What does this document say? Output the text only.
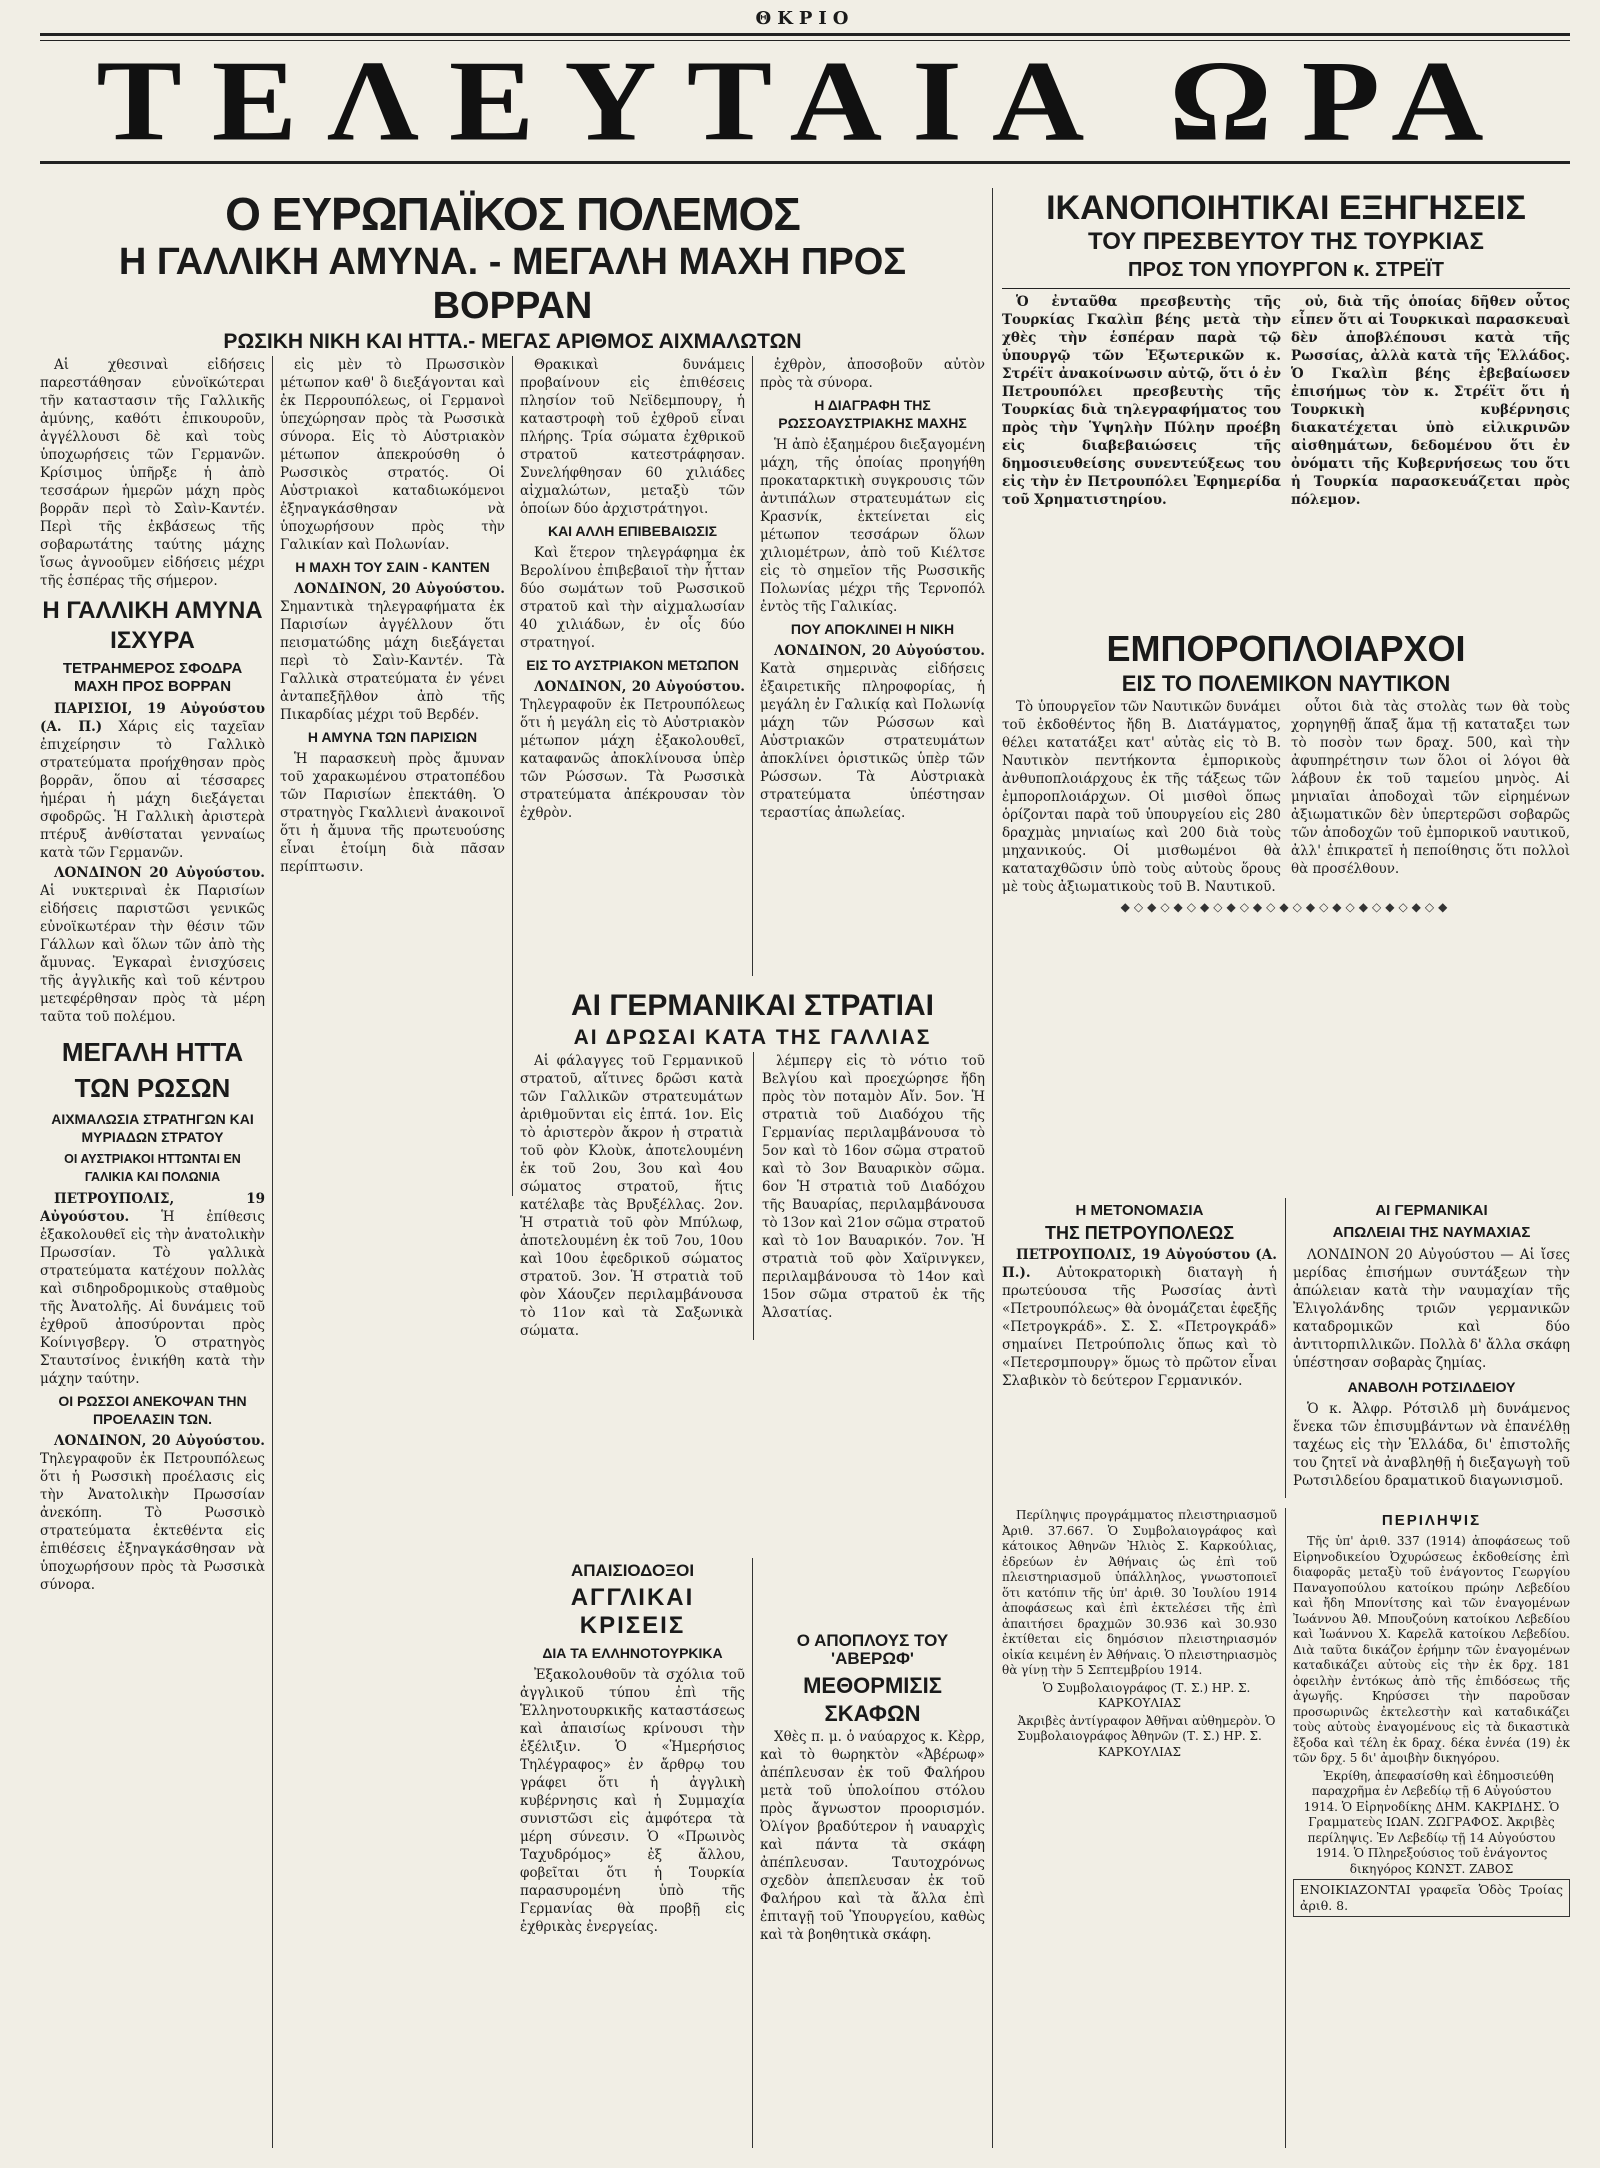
ΘΚΡΙΟ
ΤΕΛΕΥΤΑΙΑ ΩΡΑ
Ο ΕΥΡΩΠΑΪΚΟΣ ΠΟΛΕΜΟΣ
Η ΓΑΛΛΙΚΗ ΑΜΥΝΑ. - ΜΕΓΑΛΗ ΜΑΧΗ ΠΡΟΣ ΒΟΡΡΑΝ
ΡΩΣΙΚΗ ΝΙΚΗ ΚΑΙ ΗΤΤΑ.- ΜΕΓΑΣ ΑΡΙΘΜΟΣ ΑΙΧΜΑΛΩΤΩΝ

Αἱ χθεσιναὶ εἰδήσεις παρεστάθησαν εὐνοϊκώτεραι τῆν καταστασιν τῆς Γαλλικῆς ἀμύνης, καθότι ἐπικουροῦν, ἀγγέλλουσι δὲ καὶ τοὺς ὑποχωρήσεις τῶν Γερμανῶν. Κρίσιμος ὑπῆρξε ἡ ἀπὸ τεσσάρων ἡμερῶν μάχη πρὸς βορρᾶν περὶ τὸ Σαὶν-Καντέν. Περὶ τῆς ἐκβάσεως τῆς σοβαρωτάτης ταύτης μάχης ἴσως ἀγνοοῦμεν εἰδήσεις μέχρι τῆς ἑσπέρας τῆς σήμερον.

Η ΓΑΛΛΙΚΗ ΑΜΥΝΑ ΙΣΧΥΡΑ
ΤΕΤΡΑΗΜΕΡΟΣ ΣΦΟΔΡΑ ΜΑΧΗ ΠΡΟΣ ΒΟΡΡΑΝ

ΠΑΡΙΣΙΟΙ, 19 Αὐγούστου (Α. Π.) Χάρις εἰς ταχεῖαν ἐπιχείρησιν τὸ Γαλλικὸ στρατεύματα προήχθησαν πρὸς βορρᾶν, ὅπου αἱ τέσσαρες ἡμέραι ἡ μάχη διεξάγεται σφοδρῶς. Ἡ Γαλλικὴ ἀριστερὰ πτέρυξ ἀνθίσταται γενναίως κατὰ τῶν Γερμανῶν.

ΛΟΝΔΙΝΟΝ 20 Αὐγούστου. Αἱ νυκτεριναὶ ἐκ Παρισίων εἰδήσεις παριστῶσι γενικῶς εὐνοϊκωτέραν τὴν θέσιν τῶν Γάλλων καὶ ὅλων τῶν ἀπὸ τὴς ἄμυνας. Ἐγκαραὶ ἐνισχύσεις τῆς ἀγγλικῆς καὶ τοῦ κέντρου μετεφέρθησαν πρὸς τὰ μέρη ταῦτα τοῦ πολέμου.

ΜΕΓΑΛΗ ΗΤΤΑ ΤΩΝ ΡΩΣΩΝ
ΑΙΧΜΑΛΩΣΙΑ ΣΤΡΑΤΗΓΩΝ ΚΑΙ ΜΥΡΙΑΔΩΝ ΣΤΡΑΤΟΥ
ΟΙ ΑΥΣΤΡΙΑΚΟΙ ΗΤΤΩΝΤΑΙ ΕΝ ΓΑΛΙΚΙΑ ΚΑΙ ΠΟΛΩΝΙΑ

ΠΕΤΡΟΥΠΟΛΙΣ, 19 Αὐγούστου. Ἡ ἐπίθεσις ἐξακολουθεῖ εἰς τὴν ἀνατολικὴν Πρωσσίαν. Τὸ γαλλικὰ στρατεύματα κατέχουν πολλὰς καὶ σιδηροδρομικοὺς σταθμοὺς τῆς Ἀνατολῆς. Αἱ δυνάμεις τοῦ ἐχθροῦ ἀποσύρονται πρὸς Κοίνιγσβεργ. Ὁ στρατηγὸς Σταυτσίνος ἐνικήθη κατὰ τὴν μάχην ταύτην.

ΟΙ ΡΩΣΣΟΙ ΑΝΕΚΟΨΑΝ ΤΗΝ ΠΡΟΕΛΑΣΙΝ ΤΩΝ.

ΛΟΝΔΙΝΟΝ, 20 Αὐγούστου. Τηλεγραφοῦν ἐκ Πετρουπόλεως ὅτι ἡ Ρωσσικὴ προέλασις εἰς τὴν Ἀνατολικὴν Πρωσσίαν ἀνεκόπη. Τὸ Ρωσσικὸ στρατεύματα ἐκτεθέντα εἰς ἐπιθέσεις ἐξηναγκάσθησαν νὰ ὑποχωρήσουν πρὸς τὰ Ρωσσικὰ σύνορα.

εἰς μὲν τὸ Πρωσσικὸν μέτωπον καθ' ὃ διεξάγονται καὶ ἐκ Περρουπόλεως, οἱ Γερμανοὶ ὑπεχώρησαν πρὸς τὰ Ρωσσικὰ σύνορα. Εἰς τὸ Αὐστριακὸν μέτωπον ἀπεκρούσθη ὁ Ρωσσικὸς στρατός. Οἱ Αὐστριακοὶ καταδιωκόμενοι ἐξηναγκάσθησαν νὰ ὑποχωρήσουν πρὸς τὴν Γαλικίαν καὶ Πολωνίαν.

Η ΜΑΧΗ ΤΟΥ ΣΑΙΝ - ΚΑΝΤΕΝ

ΛΟΝΔΙΝΟΝ, 20 Αὐγούστου. Σημαντικὰ τηλεγραφήματα ἐκ Παρισίων ἀγγέλλουν ὅτι πεισματώδης μάχη διεξάγεται περὶ τὸ Σαὶν-Καντέν. Τὰ Γαλλικὰ στρατεύματα ἐν γένει ἀνταπεξῆλθον ἀπὸ τῆς Πικαρδίας μέχρι τοῦ Βερδέν.

Η ΑΜΥΝΑ ΤΩΝ ΠΑΡΙΣΙΩΝ

Ἡ παρασκευὴ πρὸς ἄμυναν τοῦ χαρακωμένου στρατοπέδου τῶν Παρισίων ἐπεκτάθη. Ὁ στρατηγὸς Γκαλλιενὶ ἀνακοινοῖ ὅτι ἡ ἄμυνα τῆς πρωτευούσης εἶναι ἐτοίμη διὰ πᾶσαν περίπτωσιν.

Θρακικαὶ δυνάμεις προβαίνουν εἰς ἐπιθέσεις πλησίον τοῦ Νεϊδεμπουργ, ἡ καταστροφὴ τοῦ ἐχθροῦ εἶναι πλήρης. Τρία σώματα ἐχθρικοῦ στρατοῦ κατεστράφησαν. Συνελήφθησαν 60 χιλιάδες αἰχμαλώτων, μεταξὺ τῶν ὁποίων δύο ἀρχιστράτηγοι.

ΚΑΙ ΑΛΛΗ ΕΠΙΒΕΒΑΙΩΣΙΣ

Καὶ ἕτερον τηλεγράφημα ἐκ Βερολίνου ἐπιβεβαιοῖ τὴν ἧτταν δύο σωμάτων τοῦ Ρωσσικοῦ στρατοῦ καὶ τὴν αἰχμαλωσίαν 40 χιλιάδων, ἐν οἷς δύο στρατηγοί.

ΕΙΣ ΤΟ ΑΥΣΤΡΙΑΚΟΝ ΜΕΤΩΠΟΝ

ΛΟΝΔΙΝΟΝ, 20 Αὐγούστου. Τηλεγραφοῦν ἐκ Πετρουπόλεως ὅτι ἡ μεγάλη εἰς τὸ Αὐστριακὸν μέτωπον μάχη ἐξακολουθεῖ, καταφανῶς ἀποκλίνουσα ὑπὲρ τῶν Ρώσσων. Τὰ Ρωσσικὰ στρατεύματα ἀπέκρουσαν τὸν ἐχθρὸν.

ἐχθρὸν, ἀποσοβοῦν αὐτὸν πρὸς τὰ σύνορα.

Η ΔΙΑΓΡΑΦΗ ΤΗΣ ΡΩΣΣΟΑΥΣΤΡΙΑΚΗΣ ΜΑΧΗΣ

Ἡ ἀπὸ ἐξαημέρου διεξαγομένη μάχη, τῆς ὁποίας προηγήθη προκαταρκτικὴ συγκρουσις τῶν ἀντιπάλων στρατευμάτων εἰς Κρασνίκ, ἐκτείνεται εἰς μέτωπον τεσσάρων ὅλων χιλιομέτρων, ἀπὸ τοῦ Κιέλτσε εἰς τὸ σημεῖον τῆς Ρωσσικῆς Πολωνίας μέχρι τῆς Τερνοπόλ ἐντὸς τῆς Γαλικίας.

ΠΟΥ ΑΠΟΚΛΙΝΕΙ Η ΝΙΚΗ

ΛΟΝΔΙΝΟΝ, 20 Αὐγούστου. Κατὰ σημερινὰς εἰδήσεις ἐξαιρετικῆς πληροφορίας, ἡ μεγάλη ἐν Γαλικίᾳ καὶ Πολωνίᾳ μάχη τῶν Ρώσσων καὶ Αὐστριακῶν στρατευμάτων ἀποκλίνει ὁριστικῶς ὑπὲρ τῶν Ρώσσων. Τὰ Αὐστριακὰ στρατεύματα ὑπέστησαν τεραστίας ἀπωλείας.

ΑΙ ΓΕΡΜΑΝΙΚΑΙ ΣΤΡΑΤΙΑΙ
ΑΙ ΔΡΩΣΑΙ ΚΑΤΑ ΤΗΣ ΓΑΛΛΙΑΣ

Αἱ φάλαγγες τοῦ Γερμανικοῦ στρατοῦ, αἵτινες δρῶσι κατὰ τῶν Γαλλικῶν στρατευμάτων ἀριθμοῦνται εἰς ἑπτά. 1ον. Εἰς τὸ ἀριστερὸν ἄκρον ἡ στρατιὰ τοῦ φὸν Κλοὺκ, ἀποτελουμένη ἐκ τοῦ 2ου, 3ου καὶ 4ου σώματος στρατοῦ, ἥτις κατέλαβε τὰς Βρυξέλλας. 2ον. Ἡ στρατιὰ τοῦ φὸν Μπύλωφ, ἀποτελουμένη ἐκ τοῦ 7ου, 10ου καὶ 10ου ἐφεδρικοῦ σώματος στρατοῦ. 3ον. Ἡ στρατιὰ τοῦ φὸν Χάουζεν περιλαμβάνουσα τὸ 11ον καὶ τὰ Σαξωνικὰ σώματα.

λέμπεργ εἰς τὸ νότιο τοῦ Βελγίου καὶ προεχώρησε ἤδη πρὸς τὸν ποταμὸν Αἴν. 5ον. Ἡ στρατιὰ τοῦ Διαδόχου τῆς Γερμανίας περιλαμβάνουσα τὸ 5ον καὶ τὸ 16ον σῶμα στρατοῦ καὶ τὸ 3ον Βαυαρικὸν σῶμα. 6ον Ἡ στρατιὰ τοῦ Διαδόχου τῆς Βαυαρίας, περιλαμβάνουσα τὸ 13ον καὶ 21ον σῶμα στρατοῦ καὶ τὸ 1ον Βαυαρικόν. 7ον. Ἡ στρατιὰ τοῦ φὸν Χαϊρινγκεν, περιλαμβάνουσα τὸ 14ον καὶ 15ον σῶμα στρατοῦ ἐκ τῆς Ἀλσατίας.

ΑΠΑΙΣΙΟΔΟΞΟΙ
ΑΓΓΛΙΚΑΙ ΚΡΙΣΕΙΣ
ΔΙΑ ΤΑ ΕΛΛΗΝΟΤΟΥΡΚΙΚΑ

Ἐξακολουθοῦν τὰ σχόλια τοῦ ἀγγλικοῦ τύπου ἐπὶ τῆς Ἑλληνοτουρκικῆς καταστάσεως καὶ ἀπαισίως κρίνουσι τὴν ἐξέλιξιν. Ὁ «Ἡμερήσιος Τηλέγραφος» ἐν ἄρθρῳ του γράφει ὅτι ἡ ἀγγλικὴ κυβέρνησις καὶ ἡ Συμμαχία συνιστῶσι εἰς ἀμφότερα τὰ μέρη σύνεσιν. Ὁ «Πρωινὸς Ταχυδρόμος» ἐξ ἄλλου, φοβεῖται ὅτι ἡ Τουρκία παρασυρομένη ὑπὸ τῆς Γερμανίας θὰ προβῇ εἰς ἐχθρικὰς ἐνεργείας.

Ο ΑΠΟΠΛΟΥΣ ΤΟΥ 'ΑΒΕΡΩΦ'
ΜΕΘΟΡΜΙΣΙΣ ΣΚΑΦΩΝ

Χθὲς π. μ. ὁ ναύαρχος κ. Κὲρρ, καὶ τὸ θωρηκτὸν «Ἀβέρωφ» ἀπέπλευσαν ἐκ τοῦ Φαλήρου μετὰ τοῦ ὑπολοίπου στόλου πρὸς ἄγνωστον προορισμόν. Ὀλίγον βραδύτερον ἡ ναυαρχὶς καὶ πάντα τὰ σκάφη ἀπέπλευσαν. Ταυτοχρόνως σχεδὸν ἀπεπλευσαν ἐκ τοῦ Φαλήρου καὶ τὰ ἄλλα ἐπὶ ἐπιταγῇ τοῦ Ὑπουργείου, καθὼς καὶ τὰ βοηθητικὰ σκάφη.

ΙΚΑΝΟΠΟΙΗΤΙΚΑΙ ΕΞΗΓΗΣΕΙΣ
ΤΟΥ ΠΡΕΣΒΕΥΤΟΥ ΤΗΣ ΤΟΥΡΚΙΑΣ
ΠΡΟΣ ΤΟΝ ΥΠΟΥΡΓΟΝ κ. ΣΤΡΕΪΤ

Ὁ ἐνταῦθα πρεσβευτὴς τῆς Τουρκίας Γκαλὶπ βέης μετὰ τὴν χθὲς τὴν ἑσπέραν παρὰ τῷ ὑπουργῷ τῶν Ἐξωτερικῶν κ. Στρέϊτ ἀνακοίνωσιν αὐτῷ, ὅτι ὁ ἐν Πετρουπόλει πρεσβευτὴς τῆς Τουρκίας διὰ τηλεγραφήματος του πρὸς τὴν Ὑψηλὴν Πύλην προέβη εἰς διαβεβαιώσεις τῆς δημοσιευθείσης συνεντεύξεως του εἰς τὴν ἐν Πετρουπόλει Ἐφημερίδα τοῦ Χρηματιστηρίου.

οὐ, διὰ τῆς ὁποίας δῆθεν οὗτος εἶπεν ὅτι αἱ Τουρκικαὶ παρασκευαὶ δὲν ἀποβλέπουσι κατὰ τῆς Ρωσσίας, ἀλλὰ κατὰ τῆς Ἑλλάδος. Ὁ Γκαλὶπ βέης ἐβεβαίωσεν ἐπισήμως τὸν κ. Στρέϊτ ὅτι ἡ Τουρκικὴ κυβέρνησις διακατέχεται ὑπὸ εἰλικρινῶν αἰσθημάτων, δεδομένου ὅτι ἐν ὀνόματι τῆς Κυβερνήσεως του ὅτι ἡ Τουρκία παρασκευάζεται πρὸς πόλεμον.

ΕΜΠΟΡΟΠΛΟΙΑΡΧΟΙ
ΕΙΣ ΤΟ ΠΟΛΕΜΙΚΟΝ ΝΑΥΤΙΚΟΝ

Τὸ ὑπουργεῖον τῶν Ναυτικῶν δυνάμει τοῦ ἐκδοθέντος ἤδη Β. Διατάγματος, θέλει κατατάξει κατ' αὐτὰς εἰς τὸ Β. Ναυτικὸν πεντήκοντα ἐμπορικοὺς ἀνθυποπλοιάρχους ἐκ τῆς τάξεως τῶν ἐμποροπλοιάρχων. Οἱ μισθοὶ ὅπως ὁρίζονται παρὰ τοῦ ὑπουργείου εἰς 280 δραχμὰς μηνιαίως καὶ 200 διὰ τοὺς μηχανικούς. Οἱ μισθωμένοι θὰ καταταχθῶσιν ὑπὸ τοὺς αὐτοὺς ὅρους μὲ τοὺς ἀξιωματικοὺς τοῦ Β. Ναυτικοῦ.

οὗτοι διὰ τὰς στολὰς των θὰ τοὺς χορηγηθῇ ἅπαξ ἅμα τῇ καταταξει των τὸ ποσὸν των δραχ. 500, καὶ τὴν ἀφυπηρέτησιν των ὅλοι οἱ λόγοι θὰ λάβουν ἐκ τοῦ ταμείου μηνὸς. Αἱ μηνιαῖαι ἀποδοχαὶ τῶν εἰρημένων ἀξιωματικῶν δὲν ὑπερτερῶσι σοβαρῶς τῶν ἀποδοχῶν τοῦ ἐμπορικοῦ ναυτικοῦ, ἀλλ' ἐπικρατεῖ ἡ πεποίθησις ὅτι πολλοὶ θὰ προσέλθουν.

◆◇◆◇◆◇◆◇◆◇◆◇◆◇◆◇◆◇◆◇◆◇◆◇◆
Η ΜΕΤΟΝΟΜΑΣΙΑ
ΤΗΣ ΠΕΤΡΟΥΠΟΛΕΩΣ

ΠΕΤΡΟΥΠΟΛΙΣ, 19 Αὐγούστου (Α. Π.). Αὐτοκρατορικὴ διαταγὴ ἡ πρωτεύουσα τῆς Ρωσσίας ἀντὶ «Πετρουπόλεως» θὰ ὀνομάζεται ἐφεξῆς «Πετρογκράδ». Σ. Σ. «Πετρογκράδ» σημαίνει Πετρούπολις ὅπως καὶ τὸ «Πετερσμπουργ» ὅμως τὸ πρῶτον εἶναι Σλαβικὸν τὸ δεύτερον Γερμανικόν.

ΑΙ ΓΕΡΜΑΝΙΚΑΙ
ΑΠΩΛΕΙΑΙ ΤΗΣ ΝΑΥΜΑΧΙΑΣ

ΛΟΝΔΙΝΟΝ 20 Αὐγούστου — Αἱ ἴσες μερίδας ἐπισήμων συντάξεων τὴν ἀπώλειαν κατὰ τὴν ναυμαχίαν τῆς Ἐλιγολάνδης τριῶν γερμανικῶν καταδρομικῶν καὶ δύο ἀντιτορπιλλικῶν. Πολλὰ δ' ἄλλα σκάφη ὑπέστησαν σοβαρὰς ζημίας.

ΑΝΑΒΟΛΗ ΡΟΤΣΙΛΔΕΙΟΥ

Ὁ κ. Ἀλφρ. Ρότσιλδ μὴ δυνάμενος ἕνεκα τῶν ἐπισυμβάντων νὰ ἐπανέλθῃ ταχέως εἰς τὴν Ἑλλάδα, δι' ἐπιστολῆς του ζητεῖ νὰ ἀναβληθῇ ἡ διεξαγωγὴ τοῦ Ρωτσιλδείου δραματικοῦ διαγωνισμοῦ.

Περίληψις προγράμματος πλειστηριασμοῦ Ἀριθ. 37.667. Ὁ Συμβολαιογράφος καὶ κάτοικος Ἀθηνῶν Ἠλιὸς Σ. Καρκούλιας, ἐδρεύων ἐν Ἀθήναις ὡς ἐπὶ τοῦ πλειστηριασμοῦ ὑπάλληλος, γνωστοποιεῖ ὅτι κατόπιν τῆς ὑπ' ἀριθ. 30 Ἰουλίου 1914 ἀποφάσεως καὶ ἐπὶ ἐκτελέσει τῆς ἐπὶ ἀπαιτήσει δραχμῶν 30.936 καὶ 30.930 ἐκτίθεται εἰς δημόσιον πλειστηριασμόν οἰκία κειμένη ἐν Ἀθήναις. Ὁ πλειστηριασμὸς θὰ γίνῃ τὴν 5 Σεπτεμβρίου 1914.

Ὁ Συμβολαιογράφος (Τ. Σ.) ΗΡ. Σ. ΚΑΡΚΟΥΛΙΑΣ

Ἀκριβὲς ἀντίγραφον Ἀθῆναι αὐθημερὸν. Ὁ Συμβολαιογράφος Ἀθηνῶν (Τ. Σ.) ΗΡ. Σ. ΚΑΡΚΟΥΛΙΑΣ

ΠΕΡΙΛΗΨΙΣ

Τῆς ὑπ' ἀριθ. 337 (1914) ἀποφάσεως τοῦ Εἰρηνοδικείου Ὀχυρώσεως ἐκδοθείσης ἐπὶ διαφορᾶς μεταξὺ τοῦ ἐνάγοντος Γεωργίου Παναγοπούλου κατοίκου πρώην Λεβεδίου καὶ ἤδη Μπονίτσης καὶ τῶν ἐναγομένων Ἰωάννου Ἀθ. Μπουζούνη κατοίκου Λεβεδίου καὶ Ἰωάννου Χ. Καρελᾶ κατοίκου Λεβεδίου. Διὰ ταῦτα δικάζον ἐρήμην τῶν ἐναγομένων καταδικάζει αὐτοὺς εἰς τὴν ἐκ δρχ. 181 ὀφειλὴν ἐντόκως ἀπὸ τῆς ἐπιδόσεως τῆς ἀγωγῆς. Κηρύσσει τὴν παροῦσαν προσωρινῶς ἐκτελεστὴν καὶ καταδικάζει τοὺς αὐτοὺς ἐναγομένους εἰς τὰ δικαστικὰ ἔξοδα καὶ τέλη ἐκ δραχ. δέκα ἐννέα (19) ἐκ τῶν δρχ. 5 δι' ἀμοιβὴν δικηγόρου.

Ἐκρίθη, ἀπεφασίσθη καὶ ἐδημοσιεύθη παραχρῆμα ἐν Λεβεδίῳ τῇ 6 Αὐγούστου 1914. Ὁ Εἰρηνοδίκης ΔΗΜ. ΚΑΚΡΙΔΗΣ. Ὁ Γραμματεὺς ΙΩΑΝ. ΖΩΓΡΑΦΟΣ. Ἀκριβὲς περίληψις. Ἐν Λεβεδίῳ τῇ 14 Αὐγούστου 1914. Ὁ Πληρεξούσιος τοῦ ἐνάγοντος δικηγόρος ΚΩΝΣΤ. ΖΑΒΟΣ

ΕΝΟΙΚΙΑΖΟΝΤΑΙ γραφεῖα Ὁδὸς Τροίας ἀριθ. 8.
